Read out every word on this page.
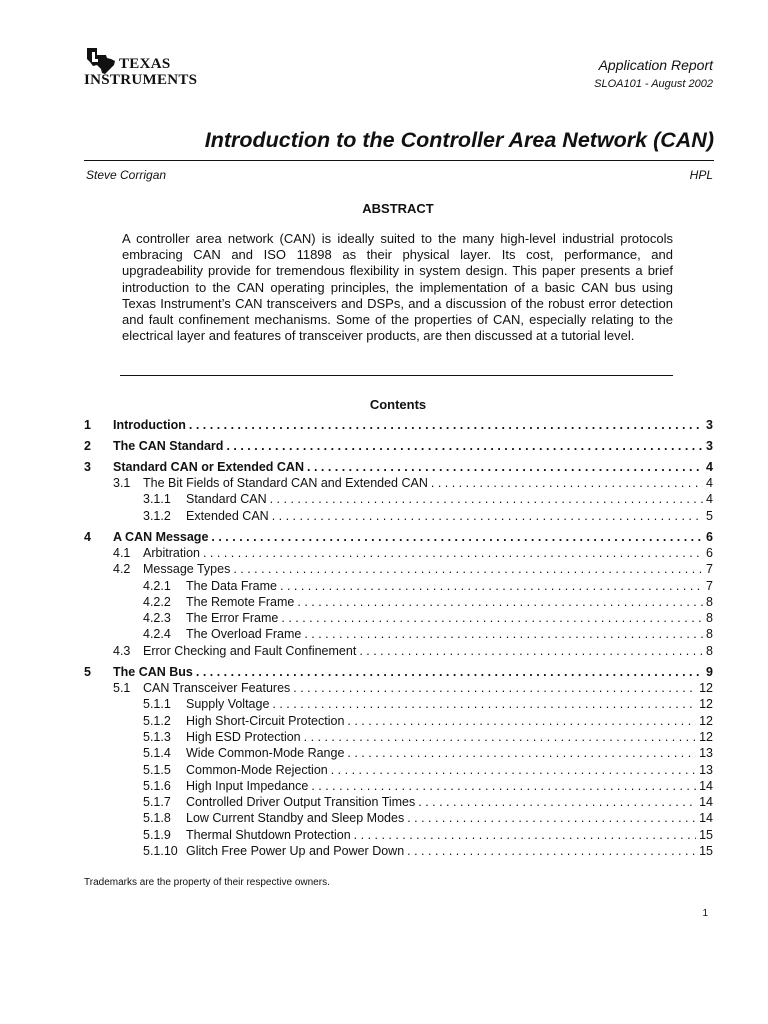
TEXAS
INSTRUMENTS
Application Report
SLOA101 - August 2002
Introduction to the Controller Area Network (CAN)
Steve Corrigan	HPL
ABSTRACT
A controller area network (CAN) is ideally suited to the many high-level industrial protocols embracing CAN and ISO 11898 as their physical layer. Its cost, performance, and upgradeability provide for tremendous flexibility in system design. This paper presents a brief introduction to the CAN operating principles, the implementation of a basic CAN bus using Texas Instrument’s CAN transceivers and DSPs, and a discussion of the robust error detection and fault confinement mechanisms. Some of the properties of CAN, especially relating to the electrical layer and features of transceiver products, are then discussed at a tutorial level.
Contents
1	Introduction . . .	3
2	The CAN Standard . . .	3
3	Standard CAN or Extended CAN . . .	4
3.1	The Bit Fields of Standard CAN and Extended CAN . . .	4
3.1.1	Standard CAN . . .	4
3.1.2	Extended CAN . . .	5
4	A CAN Message . . .	6
4.1	Arbitration . . .	6
4.2	Message Types . . .	7
4.2.1	The Data Frame . . .	7
4.2.2	The Remote Frame . . .	8
4.2.3	The Error Frame . . .	8
4.2.4	The Overload Frame . . .	8
4.3	Error Checking and Fault Confinement . . .	8
5	The CAN Bus . . .	9
5.1	CAN Transceiver Features . . .	12
5.1.1	Supply Voltage . . .	12
5.1.2	High Short-Circuit Protection . . .	12
5.1.3	High ESD Protection . . .	12
5.1.4	Wide Common-Mode Range . . .	13
5.1.5	Common-Mode Rejection . . .	13
5.1.6	High Input Impedance . . .	14
5.1.7	Controlled Driver Output Transition Times . . .	14
5.1.8	Low Current Standby and Sleep Modes . . .	14
5.1.9	Thermal Shutdown Protection . . .	15
5.1.10 Glitch Free Power Up and Power Down . . .	15
Trademarks are the property of their respective owners.
1
